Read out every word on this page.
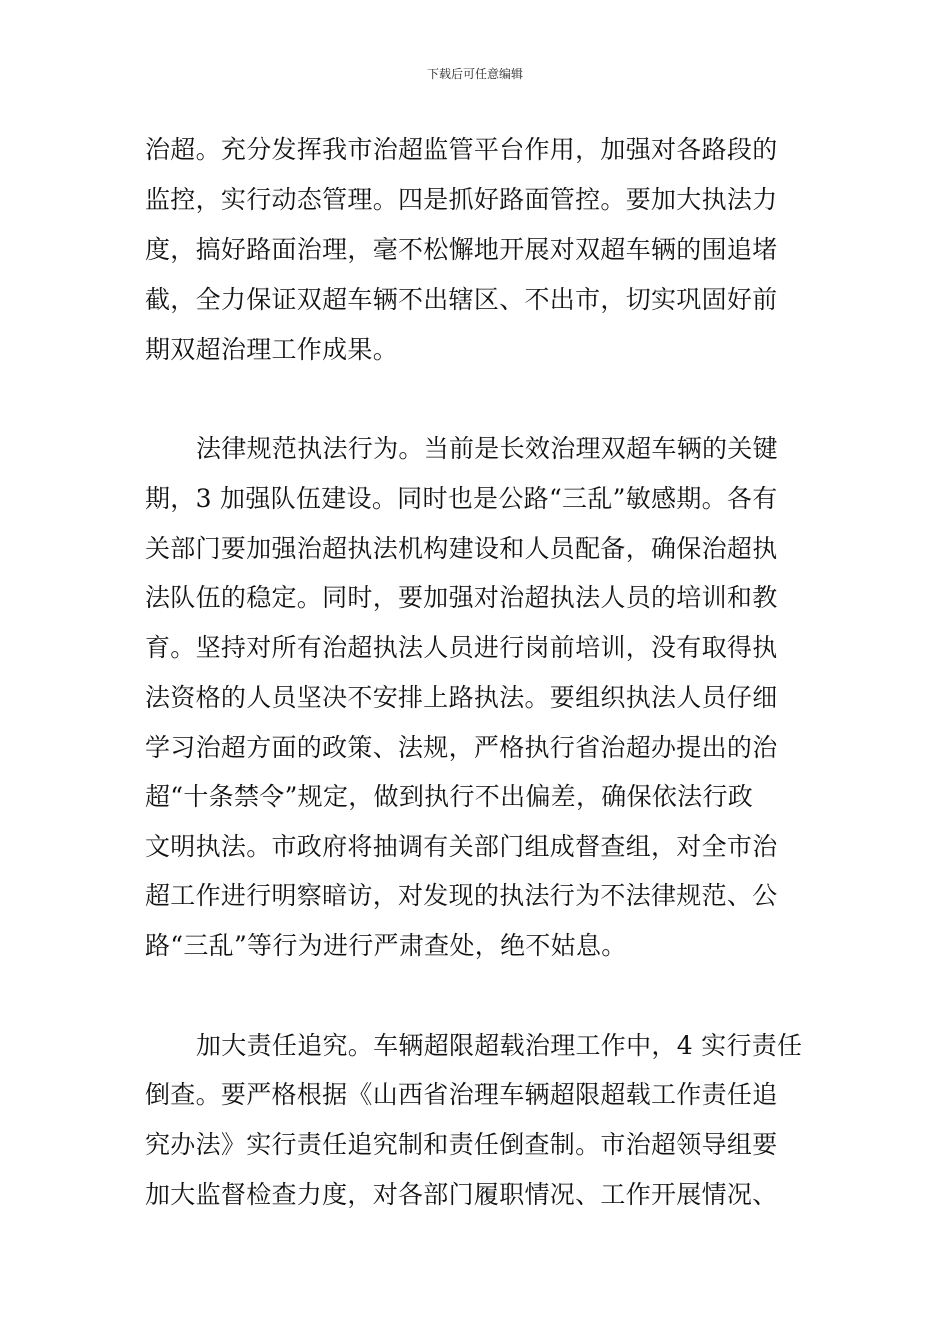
下载后可任意编辑
治超。充分发挥我市治超监管平台作用，加强对各路段的
监控，实行动态管理。四是抓好路面管控。要加大执法力
度，搞好路面治理，毫不松懈地开展对双超车辆的围追堵
截，全力保证双超车辆不出辖区、不出市，切实巩固好前
期双超治理工作成果。
法律规范执法行为。当前是长效治理双超车辆的关键
期，3 加强队伍建设。同时也是公路“三乱”敏感期。各有
关部门要加强治超执法机构建设和人员配备，确保治超执
法队伍的稳定。同时，要加强对治超执法人员的培训和教
育。坚持对所有治超执法人员进行岗前培训，没有取得执
法资格的人员坚决不安排上路执法。要组织执法人员仔细
学习治超方面的政策、法规，严格执行省治超办提出的治
超“十条禁令”规定，做到执行不出偏差，确保依法行政
文明执法。市政府将抽调有关部门组成督查组，对全市治
超工作进行明察暗访，对发现的执法行为不法律规范、公
路“三乱”等行为进行严肃查处，绝不姑息。
加大责任追究。车辆超限超载治理工作中，4 实行责任
倒查。要严格根据《山西省治理车辆超限超载工作责任追
究办法》实行责任追究制和责任倒查制。市治超领导组要
加大监督检查力度，对各部门履职情况、工作开展情况、
